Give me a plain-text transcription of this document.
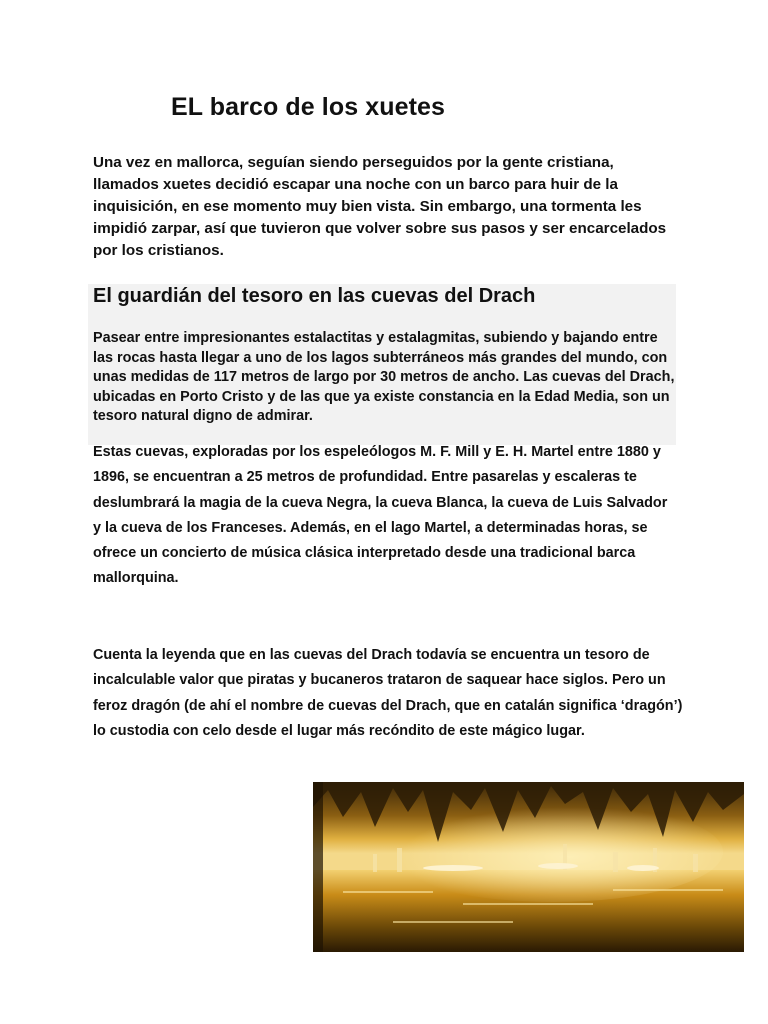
EL barco de los xuetes

Una vez en mallorca, seguían siendo perseguidos por la gente cristiana, llamados xuetes decidió escapar una noche con un barco para huir de la inquisición, en ese momento muy bien vista. Sin embargo, una tormenta les impidió zarpar, así que tuvieron que volver sobre sus pasos y ser encarcelados por los cristianos.

El guardián del tesoro en las cuevas del Drach

Pasear entre impresionantes estalactitas y estalagmitas, subiendo y bajando entre las rocas hasta llegar a uno de los lagos subterráneos más grandes del mundo, con unas medidas de 117 metros de largo por 30 metros de ancho. Las cuevas del Drach, ubicadas en Porto Cristo y de las que ya existe constancia en la Edad Media, son un tesoro natural digno de admirar.

Estas cuevas, exploradas por los espeleólogos M. F. Mill y E. H. Martel entre 1880 y 1896, se encuentran a 25 metros de profundidad. Entre pasarelas y escaleras te deslumbrará la magia de la cueva Negra, la cueva Blanca, la cueva de Luis Salvador y la cueva de los Franceses. Además, en el lago Martel, a determinadas horas, se ofrece un concierto de música clásica interpretado desde una tradicional barca mallorquina.

Cuenta la leyenda que en las cuevas del Drach todavía se encuentra un tesoro de incalculable valor que piratas y bucaneros trataron de saquear hace siglos. Pero un feroz dragón (de ahí el nombre de cuevas del Drach, que en catalán significa ‘dragón’) lo custodia con celo desde el lugar más recóndito de este mágico lugar.
